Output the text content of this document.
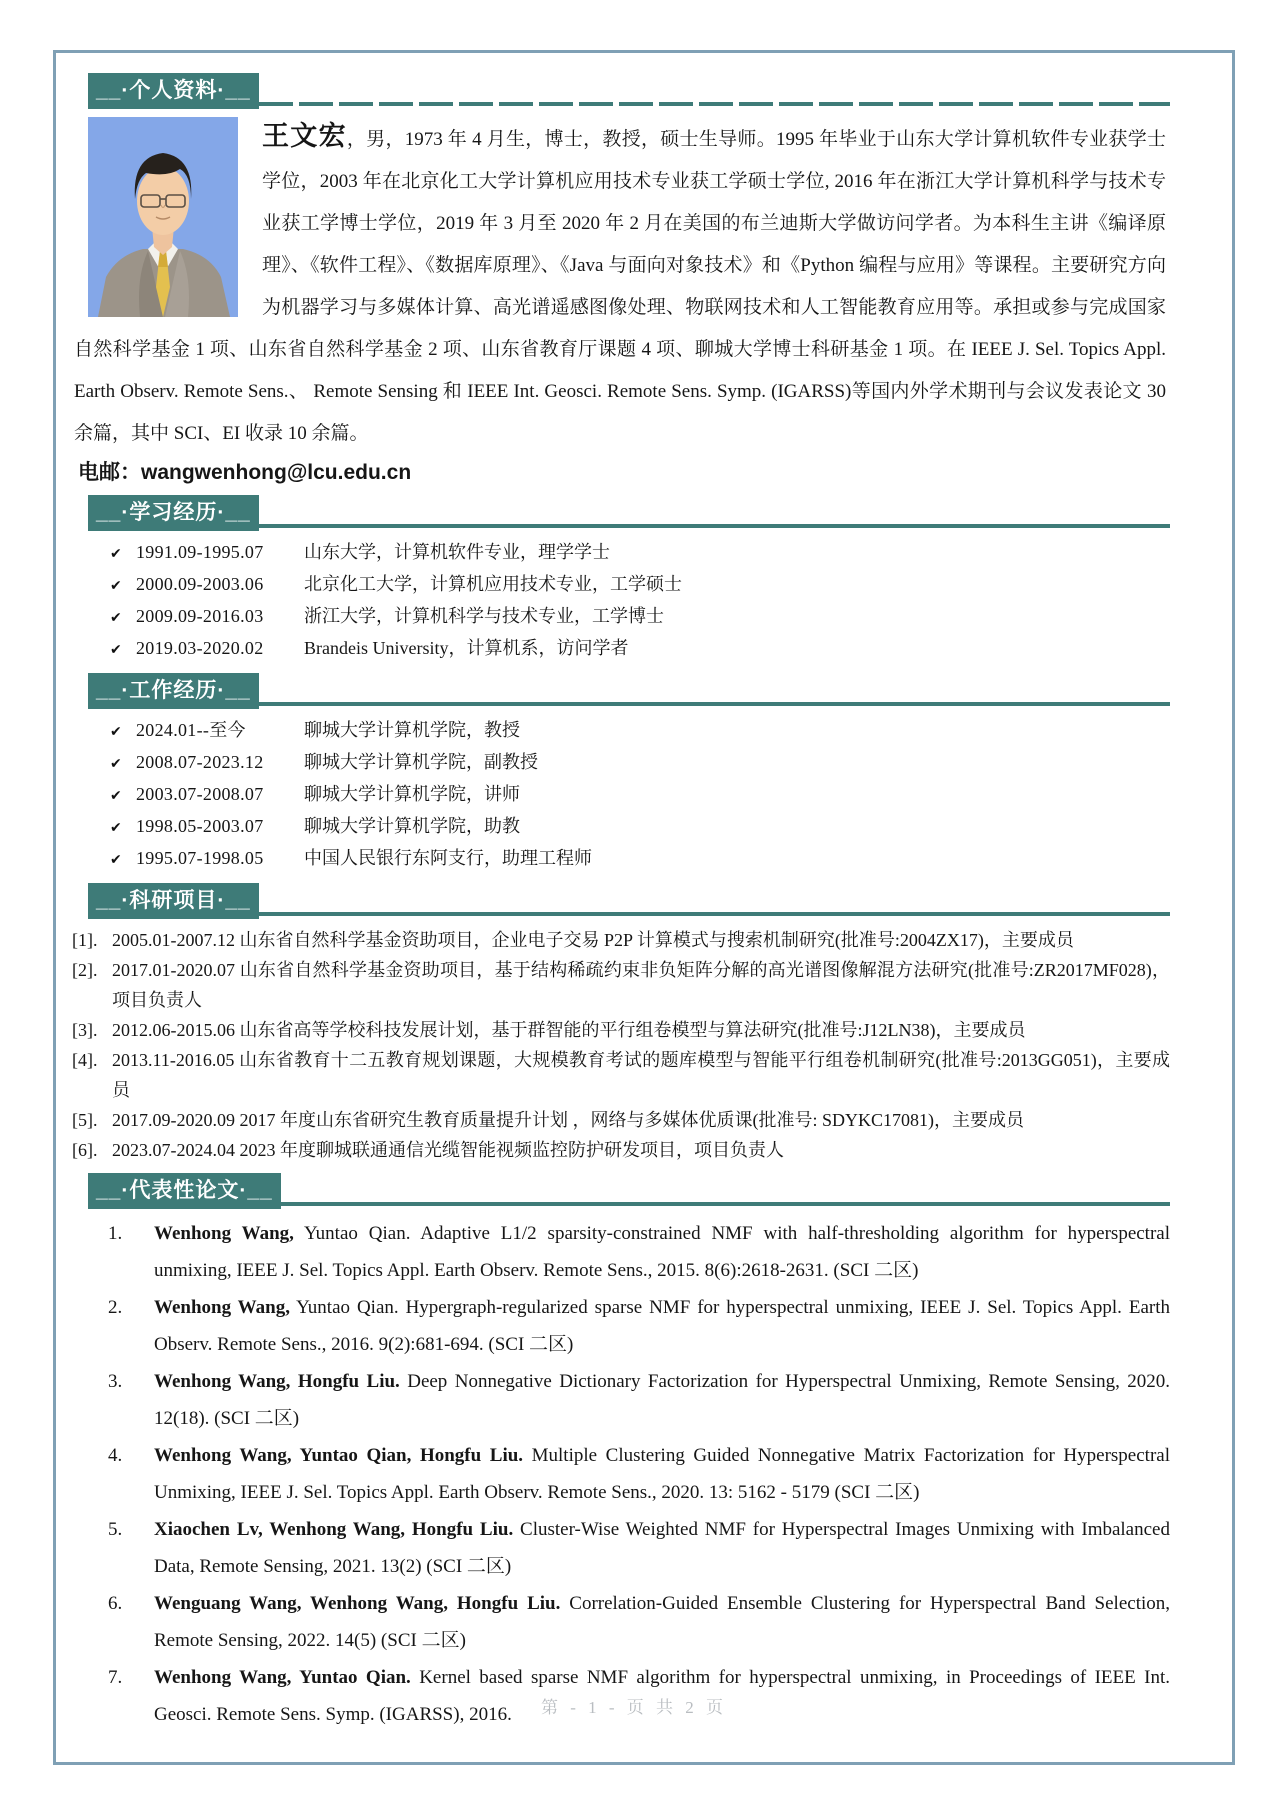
__·个人资料·__

王文宏，男，1973 年 4 月生，博士，教授，硕士生导师。1995 年毕业于山东大学计算机软件专业获学士学位，2003 年在北京化工大学计算机应用技术专业获工学硕士学位, 2016 年在浙江大学计算机科学与技术专业获工学博士学位，2019 年 3 月至 2020 年 2 月在美国的布兰迪斯大学做访问学者。为本科生主讲《编译原理》、《软件工程》、《数据库原理》、《Java 与面向对象技术》和《Python 编程与应用》等课程。主要研究方向为机器学习与多媒体计算、高光谱遥感图像处理、物联网技术和人工智能教育应用等。承担或参与完成国家自然科学基金 1 项、山东省自然科学基金 2 项、山东省教育厅课题 4 项、聊城大学博士科研基金 1 项。在 IEEE J. Sel. Topics Appl. Earth Observ. Remote Sens.、 Remote Sensing 和 IEEE Int. Geosci. Remote Sens. Symp. (IGARSS)等国内外学术期刊与会议发表论文 30 余篇，其中 SCI、EI 收录 10 余篇。

电邮：wangwenhong@lcu.edu.cn
__·学习经历·__
✔ 1991.09-1995.07	山东大学，计算机软件专业，理学学士
✔ 2000.09-2003.06	北京化工大学，计算机应用技术专业，工学硕士
✔ 2009.09-2016.03	浙江大学，计算机科学与技术专业，工学博士
✔ 2019.03-2020.02	Brandeis University，计算机系，访问学者
__·工作经历·__
✔ 2024.01--至今	聊城大学计算机学院，教授
✔ 2008.07-2023.12	聊城大学计算机学院，副教授
✔ 2003.07-2008.07	聊城大学计算机学院，讲师
✔ 1998.05-2003.07	聊城大学计算机学院，助教
✔ 1995.07-1998.05	中国人民银行东阿支行，助理工程师
__·科研项目·__
[1]. 2005.01-2007.12 山东省自然科学基金资助项目，企业电子交易 P2P 计算模式与搜索机制研究(批准号:2004ZX17)，主要成员
[2]. 2017.01-2020.07 山东省自然科学基金资助项目，基于结构稀疏约束非负矩阵分解的高光谱图像解混方法研究(批准号:ZR2017MF028)，项目负责人
[3]. 2012.06-2015.06 山东省高等学校科技发展计划，基于群智能的平行组卷模型与算法研究(批准号:J12LN38)，主要成员
[4]. 2013.11-2016.05 山东省教育十二五教育规划课题，大规模教育考试的题库模型与智能平行组卷机制研究(批准号:2013GG051)，主要成员
[5]. 2017.09-2020.09 2017 年度山东省研究生教育质量提升计划 ，网络与多媒体优质课(批准号: SDYKC17081)，主要成员
[6]. 2023.07-2024.04 2023 年度聊城联通通信光缆智能视频监控防护研发项目，项目负责人
__·代表性论文·__
1.	Wenhong Wang, Yuntao Qian. Adaptive L1/2 sparsity-constrained NMF with half-thresholding algorithm for hyperspectral unmixing, IEEE J. Sel. Topics Appl. Earth Observ. Remote Sens., 2015. 8(6):2618-2631. (SCI 二区)
2.	Wenhong Wang, Yuntao Qian. Hypergraph-regularized sparse NMF for hyperspectral unmixing, IEEE J. Sel. Topics Appl. Earth Observ. Remote Sens., 2016. 9(2):681-694. (SCI 二区)
3.	Wenhong Wang, Hongfu Liu. Deep Nonnegative Dictionary Factorization for Hyperspectral Unmixing, Remote Sensing, 2020. 12(18). (SCI 二区)
4.	Wenhong Wang, Yuntao Qian, Hongfu Liu. Multiple Clustering Guided Nonnegative Matrix Factorization for Hyperspectral Unmixing, IEEE J. Sel. Topics Appl. Earth Observ. Remote Sens., 2020. 13: 5162 - 5179 (SCI 二区)
5.	Xiaochen Lv, Wenhong Wang, Hongfu Liu. Cluster-Wise Weighted NMF for Hyperspectral Images Unmixing with Imbalanced Data, Remote Sensing, 2021. 13(2) (SCI 二区)
6.	Wenguang Wang, Wenhong Wang, Hongfu Liu. Correlation-Guided Ensemble Clustering for Hyperspectral Band Selection, Remote Sensing, 2022. 14(5) (SCI 二区)
7.	Wenhong Wang, Yuntao Qian. Kernel based sparse NMF algorithm for hyperspectral unmixing, in Proceedings of IEEE Int. Geosci. Remote Sens. Symp. (IGARSS), 2016.	第 - 1 - 页 共 2 页
